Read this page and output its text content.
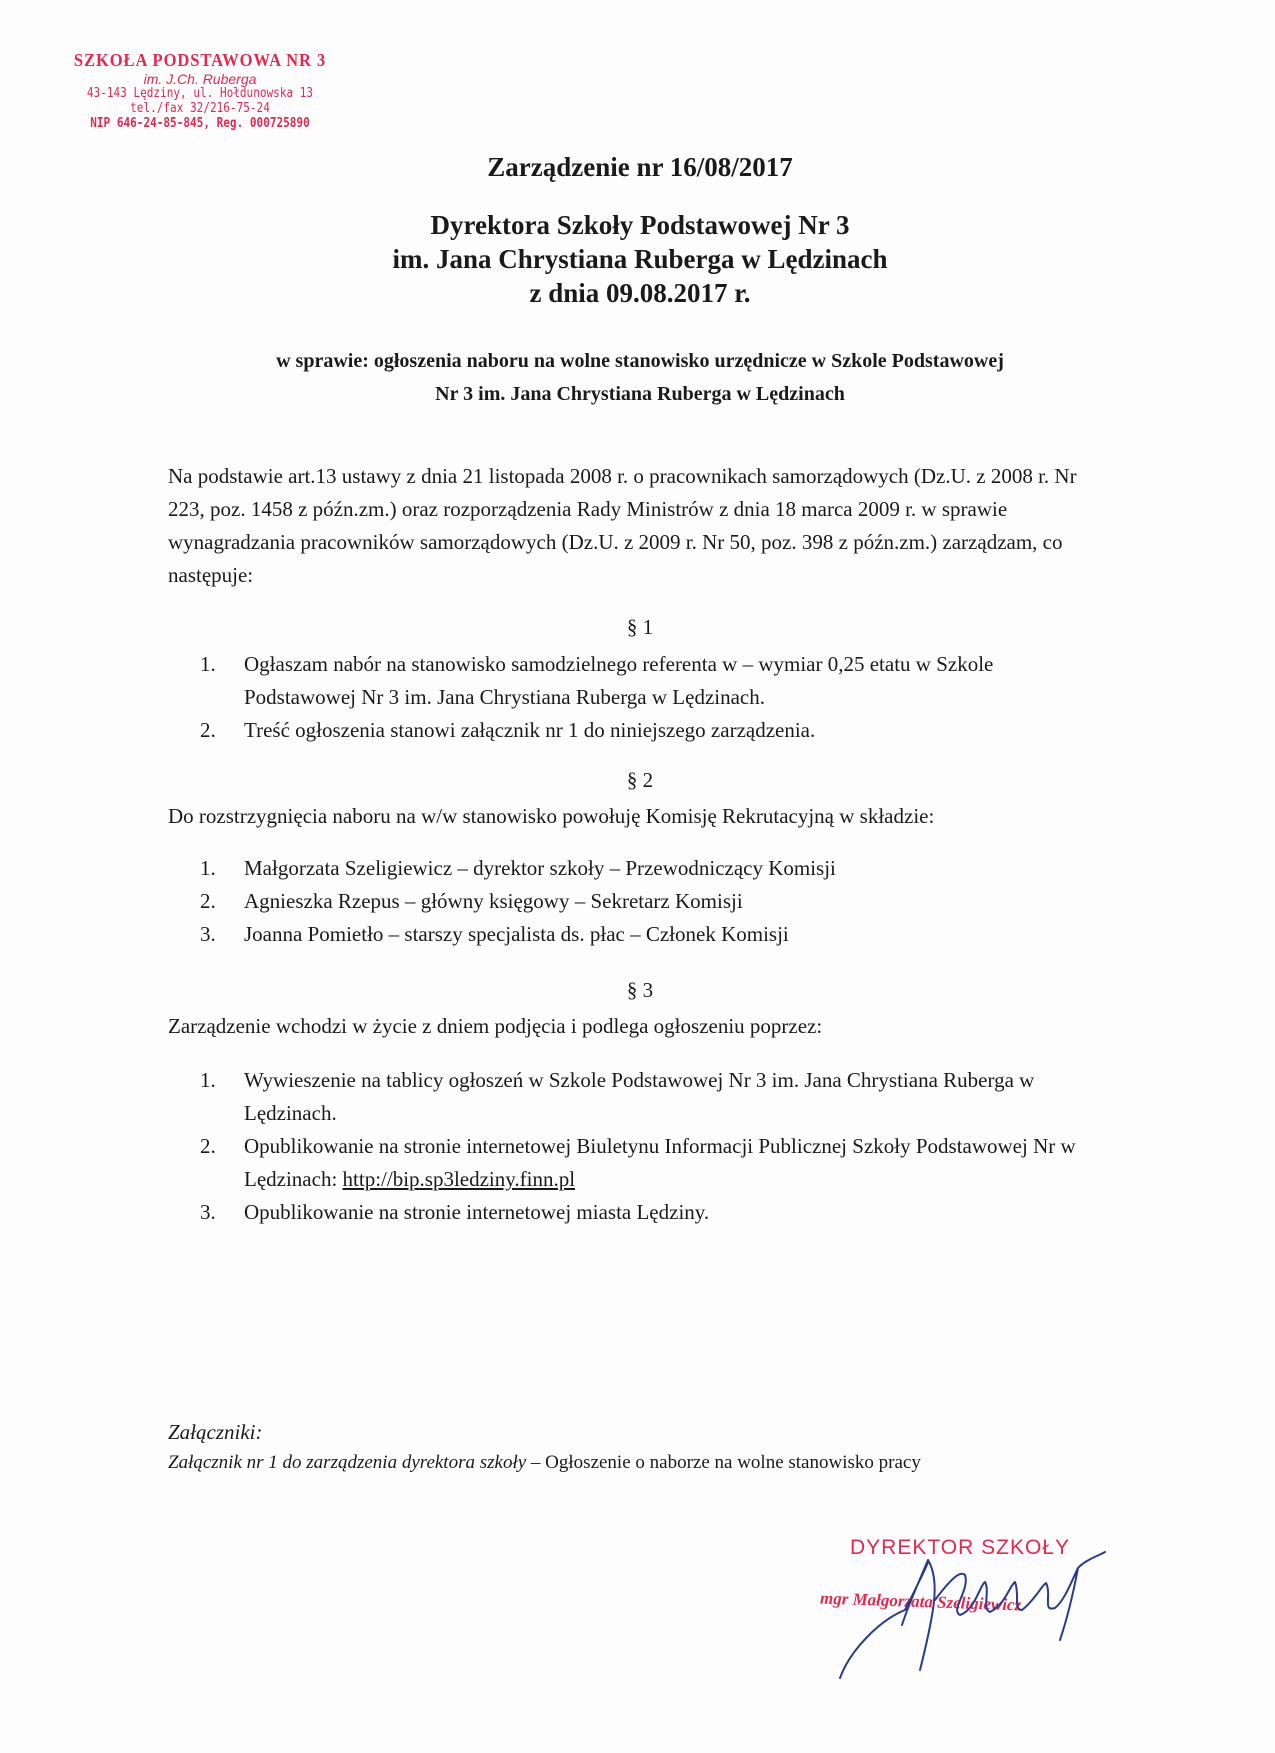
SZKOŁA PODSTAWOWA NR 3
im. J.Ch. Ruberga
43-143 Lędziny, ul. Hołdunowska 13
tel./fax 32/216-75-24
NIP 646-24-85-845, Reg. 000725890
Zarządzenie nr 16/08/2017
Dyrektora Szkoły Podstawowej Nr 3
im. Jana Chrystiana Ruberga w Lędzinach
z dnia 09.08.2017 r.
w sprawie: ogłoszenia naboru na wolne stanowisko urzędnicze w Szkole Podstawowej
Nr 3 im. Jana Chrystiana Ruberga w Lędzinach
Na podstawie art.13 ustawy z dnia 21 listopada 2008 r. o pracownikach samorządowych (Dz.U. z 2008 r. Nr 223, poz. 1458 z późn.zm.) oraz rozporządzenia Rady Ministrów z dnia 18 marca 2009 r. w sprawie wynagradzania pracowników samorządowych (Dz.U. z 2009 r. Nr 50, poz. 398 z późn.zm.) zarządzam, co następuje:
§ 1
1. Ogłaszam nabór na stanowisko samodzielnego referenta w – wymiar 0,25 etatu w Szkole Podstawowej Nr 3 im. Jana Chrystiana Ruberga w Lędzinach.
2. Treść ogłoszenia stanowi załącznik nr 1 do niniejszego zarządzenia.
§ 2
Do rozstrzygnięcia naboru na w/w stanowisko powołuję Komisję Rekrutacyjną w składzie:
1. Małgorzata Szeligiewicz – dyrektor szkoły – Przewodniczący Komisji
2. Agnieszka Rzepus – główny księgowy – Sekretarz Komisji
3. Joanna Pomietło – starszy specjalista ds. płac – Członek Komisji
§ 3
Zarządzenie wchodzi w życie z dniem podjęcia i podlega ogłoszeniu poprzez:
1. Wywieszenie na tablicy ogłoszeń w Szkole Podstawowej Nr 3 im. Jana Chrystiana Ruberga w Lędzinach.
2. Opublikowanie na stronie internetowej Biuletynu Informacji Publicznej Szkoły Podstawowej Nr w Lędzinach: http://bip.sp3ledziny.finn.pl
3. Opublikowanie na stronie internetowej miasta Lędziny.
Załączniki:
Załącznik nr 1 do zarządzenia dyrektora szkoły – Ogłoszenie o naborze na wolne stanowisko pracy
DYREKTOR SZKOŁY
mgr Małgorzata Szeligiewicz
